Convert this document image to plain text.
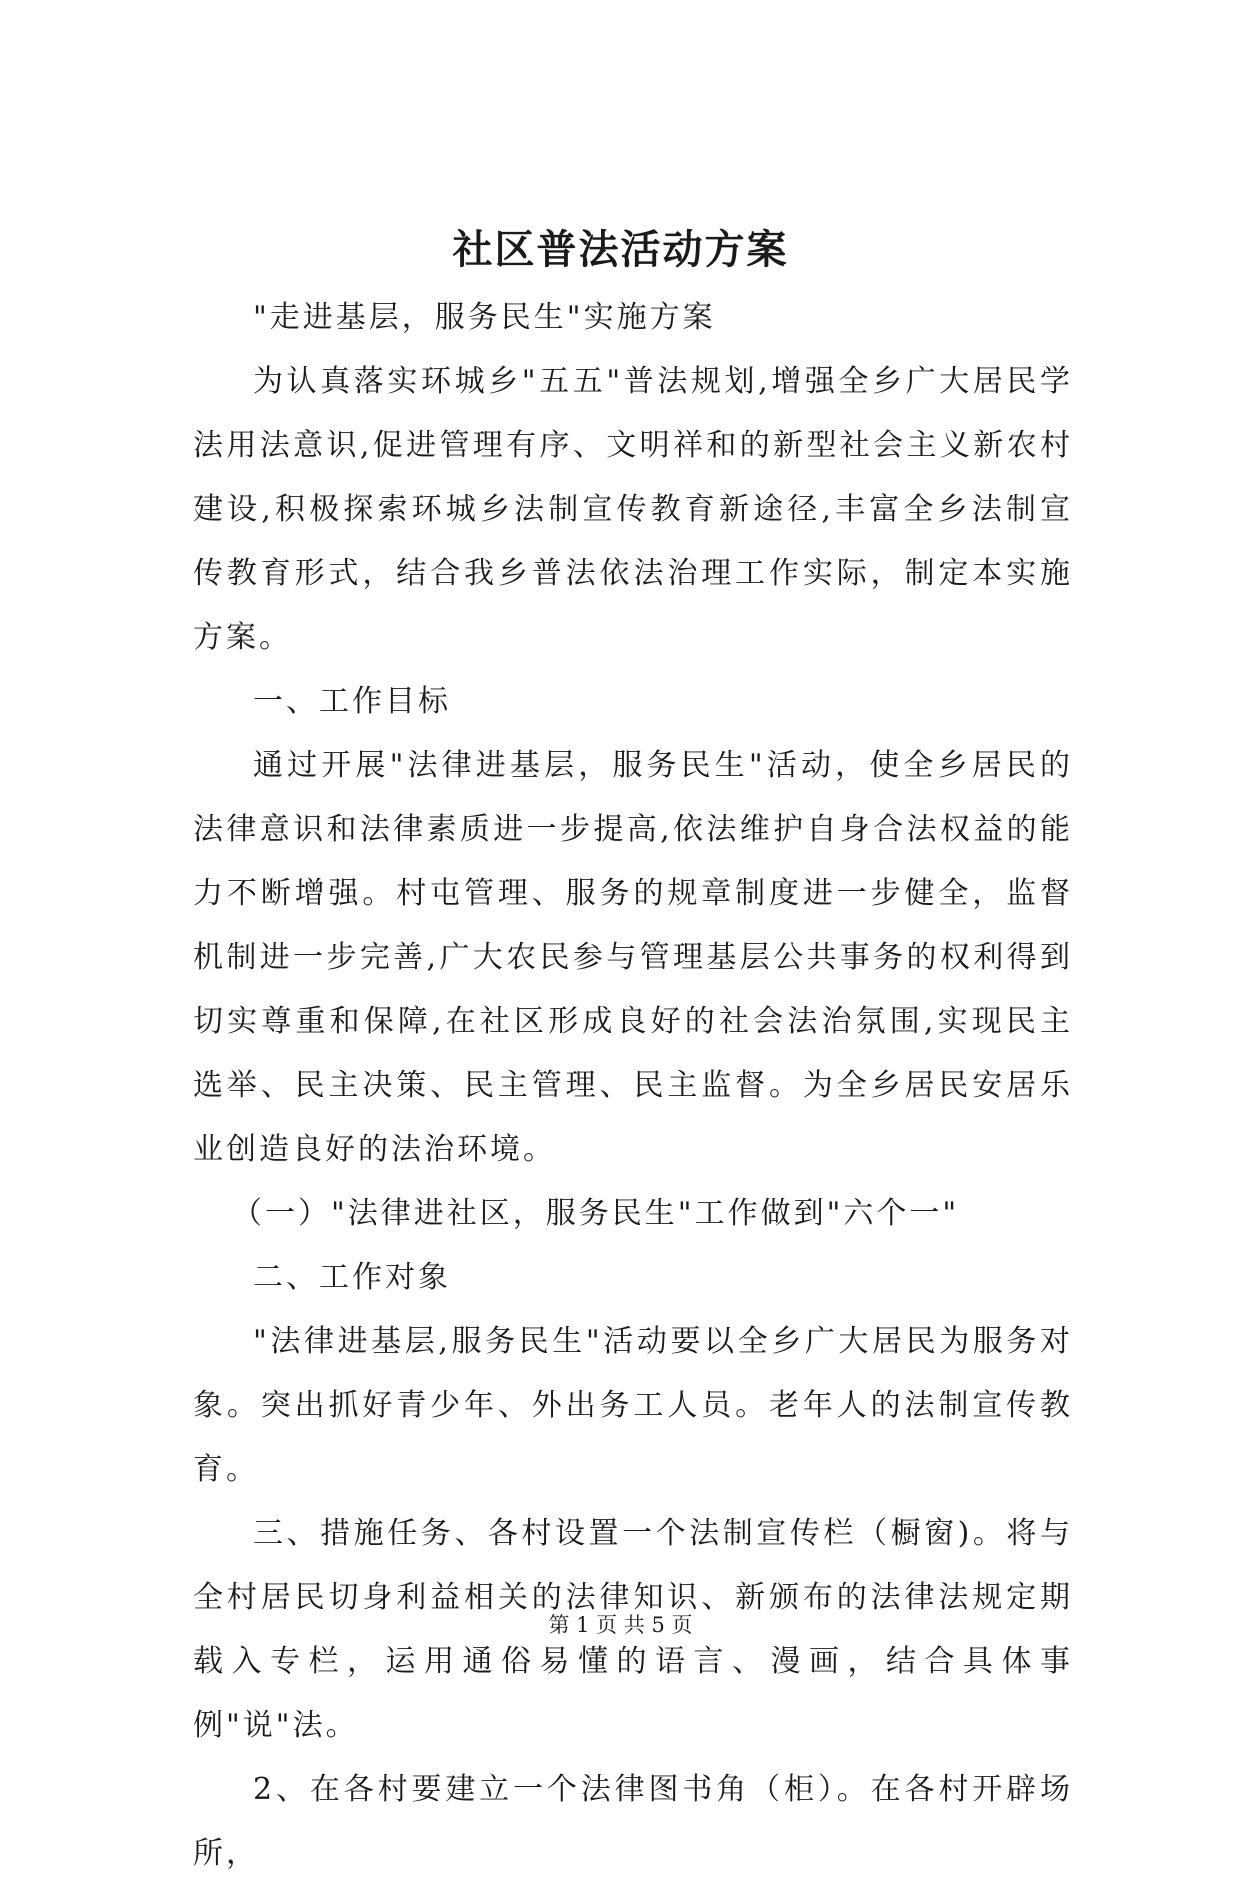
社区普法活动方案

"走进基层，服务民生"实施方案

为认真落实环城乡"五五"普法规划,增强全乡广大居民学法用法意识,促进管理有序、文明祥和的新型社会主义新农村建设,积极探索环城乡法制宣传教育新途径,丰富全乡法制宣传教育形式，结合我乡普法依法治理工作实际，制定本实施方案。

一、工作目标

通过开展"法律进基层，服务民生"活动，使全乡居民的法律意识和法律素质进一步提高,依法维护自身合法权益的能力不断增强。村屯管理、服务的规章制度进一步健全，监督机制进一步完善,广大农民参与管理基层公共事务的权利得到切实尊重和保障,在社区形成良好的社会法治氛围,实现民主选举、民主决策、民主管理、民主监督。为全乡居民安居乐业创造良好的法治环境。

（一）"法律进社区，服务民生"工作做到"六个一"

二、工作对象

"法律进基层,服务民生"活动要以全乡广大居民为服务对象。突出抓好青少年、外出务工人员。老年人的法制宣传教育。

三、措施任务、各村设置一个法制宣传栏（橱窗)。将与全村居民切身利益相关的法律知识、新颁布的法律法规定期载入专栏，运用通俗易懂的语言、漫画，结合具体事例"说"法。

2、在各村要建立一个法律图书角（柜）。在各村开辟场所，

第 1 页 共 5 页
